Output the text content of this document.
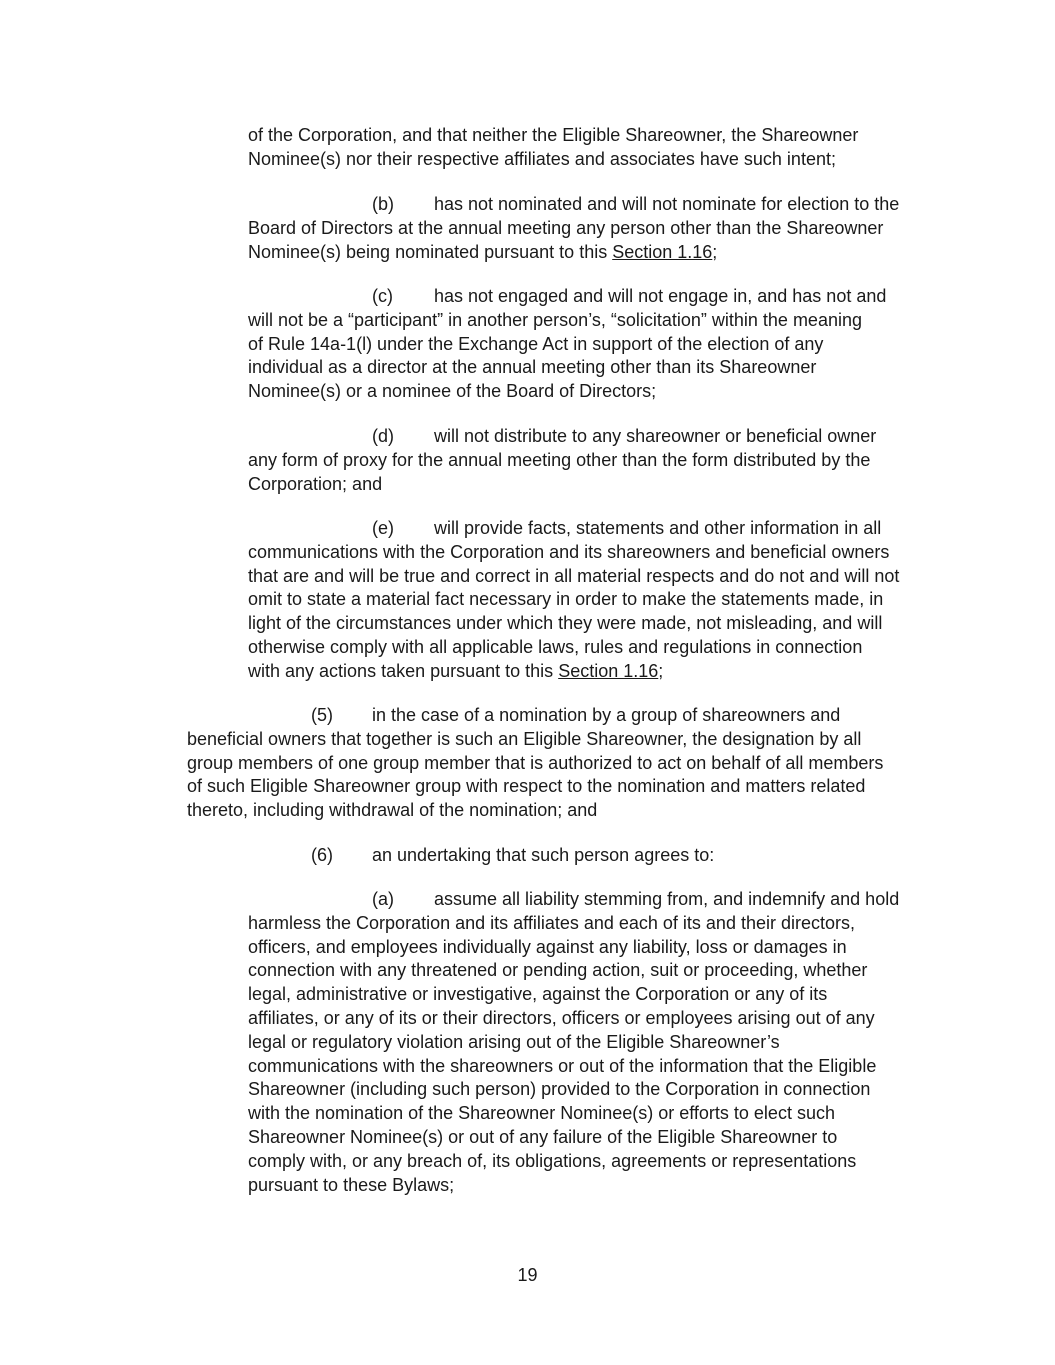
of the Corporation, and that neither the Eligible Shareowner, the Shareowner
Nominee(s) nor their respective affiliates and associates have such intent;
(b) has not nominated and will not nominate for election to the
Board of Directors at the annual meeting any person other than the Shareowner
Nominee(s) being nominated pursuant to this Section 1.16;
(c) has not engaged and will not engage in, and has not and
will not be a “participant” in another person’s, “solicitation” within the meaning
of Rule 14a-1(l) under the Exchange Act in support of the election of any
individual as a director at the annual meeting other than its Shareowner
Nominee(s) or a nominee of the Board of Directors;
(d) will not distribute to any shareowner or beneficial owner
any form of proxy for the annual meeting other than the form distributed by the
Corporation; and
(e) will provide facts, statements and other information in all
communications with the Corporation and its shareowners and beneficial owners
that are and will be true and correct in all material respects and do not and will not
omit to state a material fact necessary in order to make the statements made, in
light of the circumstances under which they were made, not misleading, and will
otherwise comply with all applicable laws, rules and regulations in connection
with any actions taken pursuant to this Section 1.16;
(5) in the case of a nomination by a group of shareowners and
beneficial owners that together is such an Eligible Shareowner, the designation by all
group members of one group member that is authorized to act on behalf of all members
of such Eligible Shareowner group with respect to the nomination and matters related
thereto, including withdrawal of the nomination; and
(6) an undertaking that such person agrees to:
(a) assume all liability stemming from, and indemnify and hold
harmless the Corporation and its affiliates and each of its and their directors,
officers, and employees individually against any liability, loss or damages in
connection with any threatened or pending action, suit or proceeding, whether
legal, administrative or investigative, against the Corporation or any of its
affiliates, or any of its or their directors, officers or employees arising out of any
legal or regulatory violation arising out of the Eligible Shareowner’s
communications with the shareowners or out of the information that the Eligible
Shareowner (including such person) provided to the Corporation in connection
with the nomination of the Shareowner Nominee(s) or efforts to elect such
Shareowner Nominee(s) or out of any failure of the Eligible Shareowner to
comply with, or any breach of, its obligations, agreements or representations
pursuant to these Bylaws;
19
